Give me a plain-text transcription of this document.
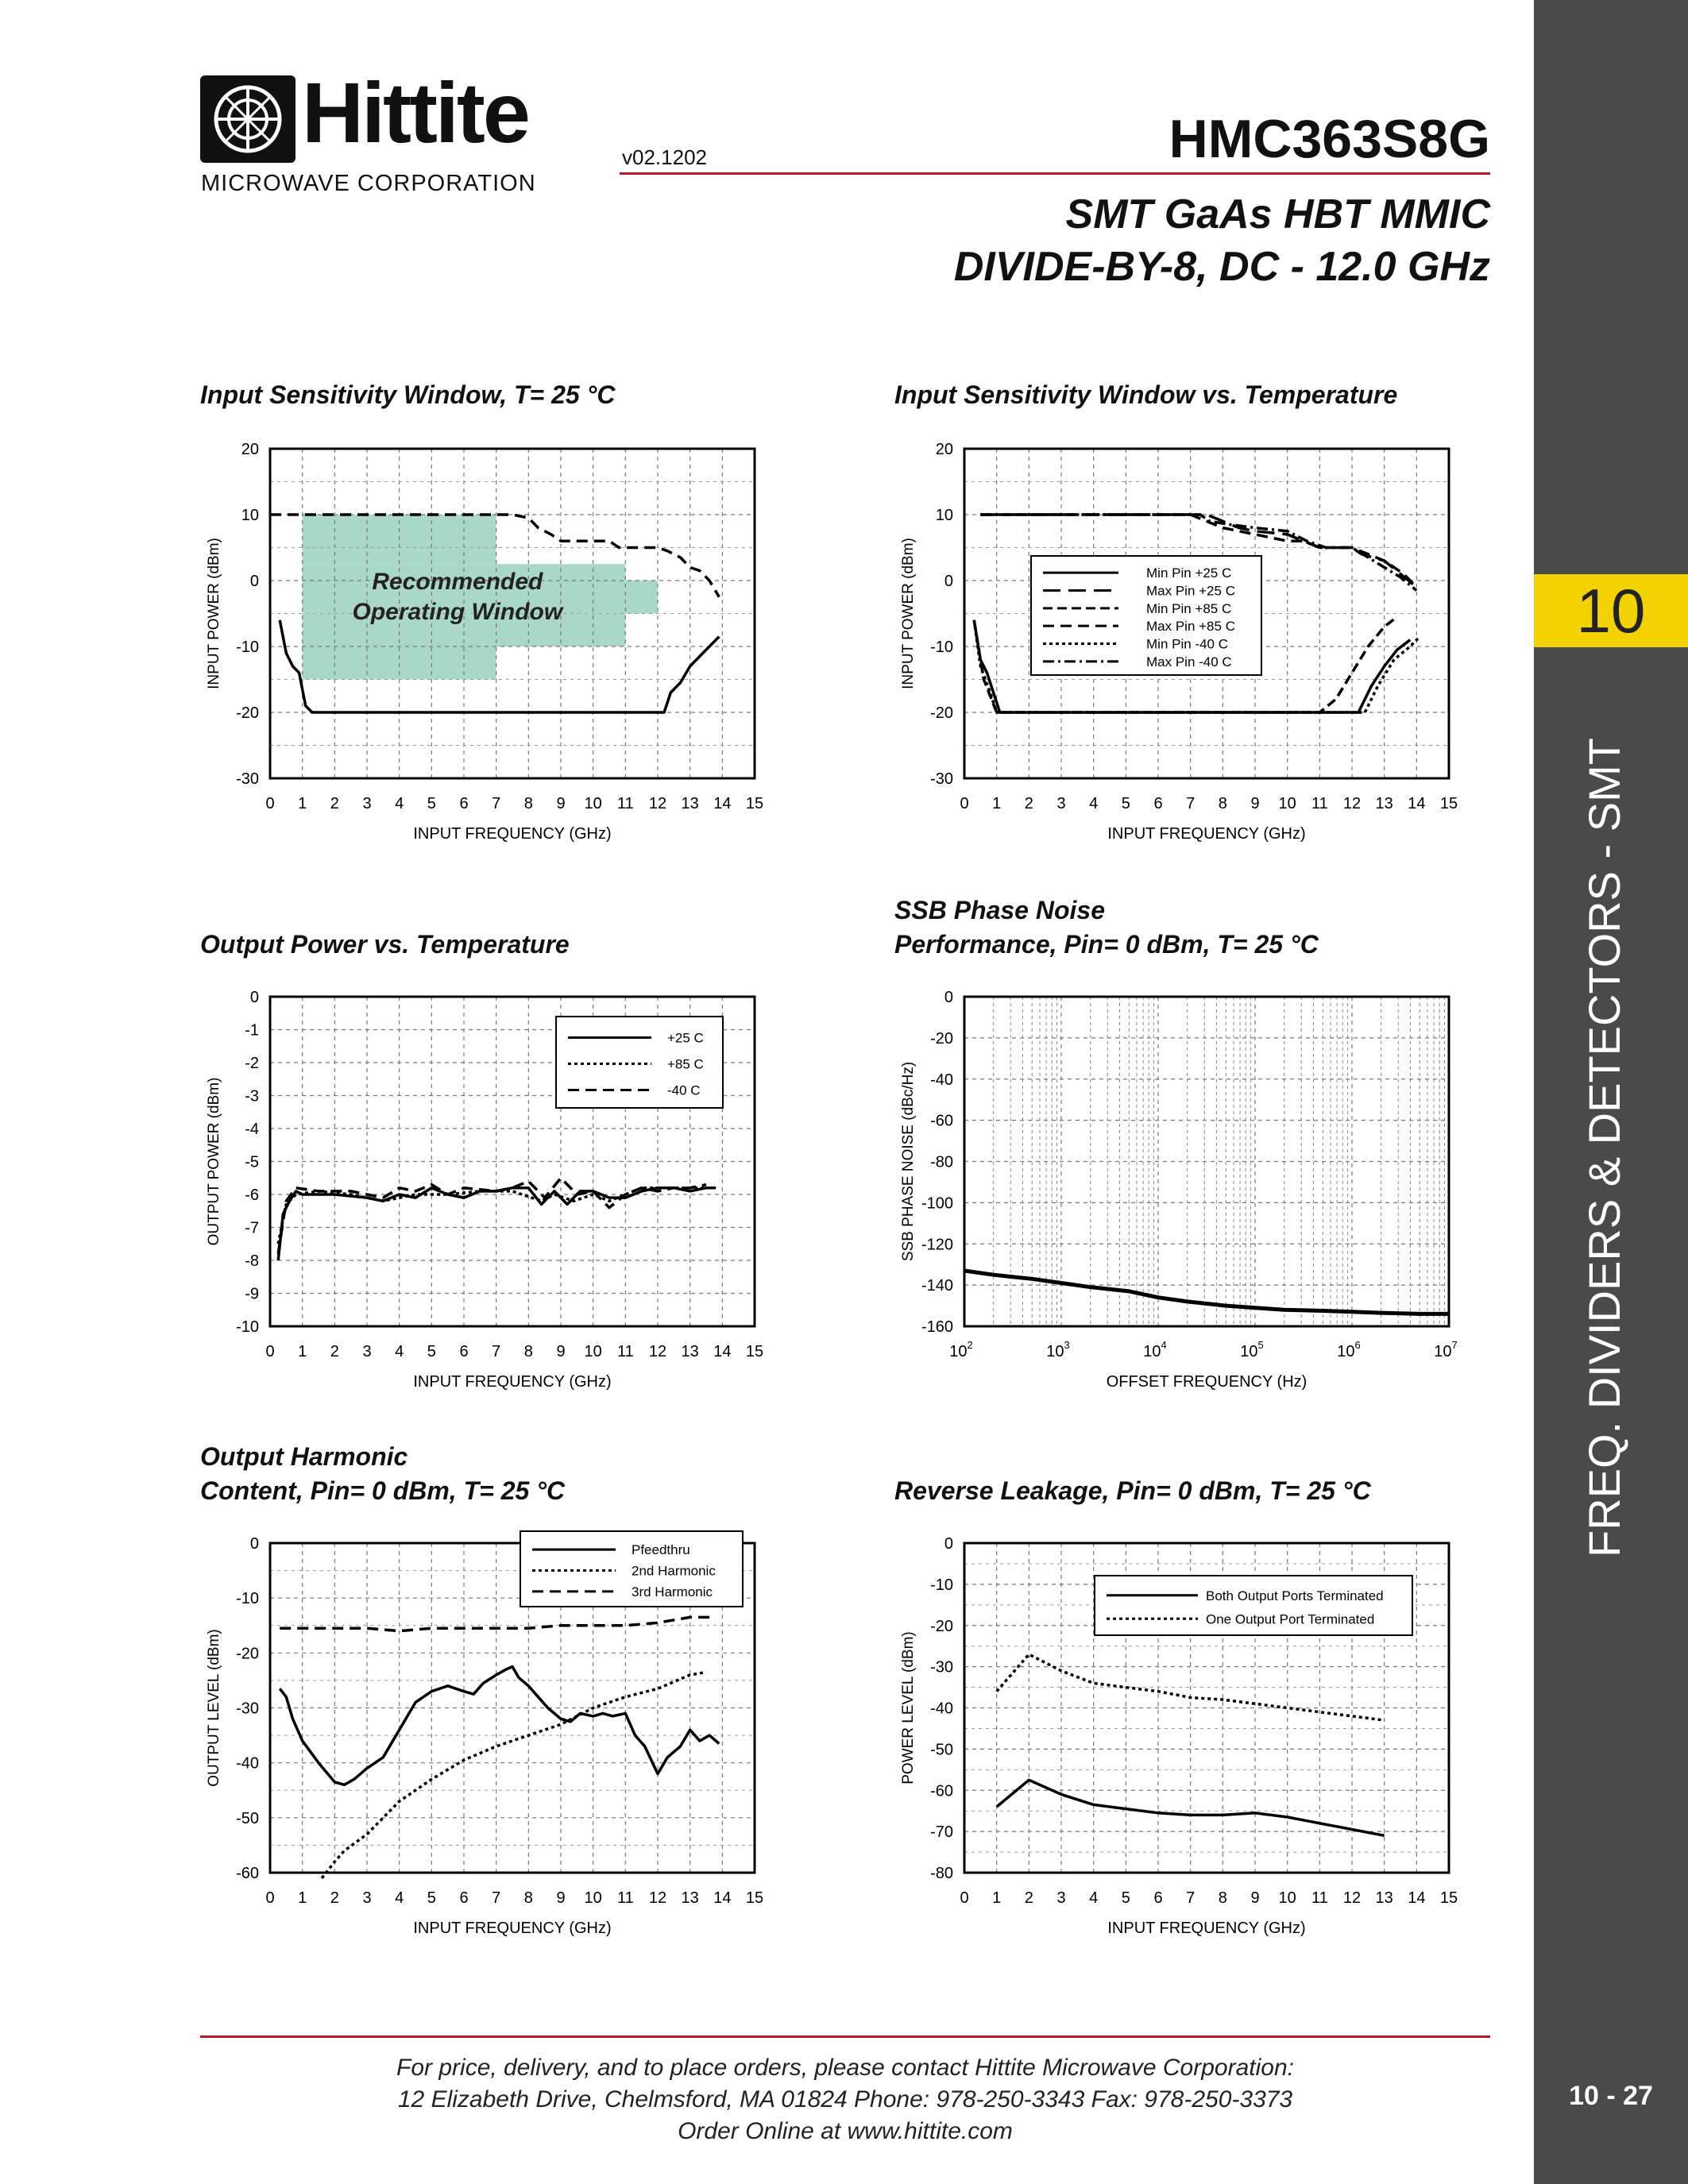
10
FREQ. DIVIDERS & DETECTORS - SMT
10 - 27
Hittite
MICROWAVE CORPORATION
v02.1202	HMC363S8G
SMT GaAs HBT MMIC
DIVIDE-BY-8, DC - 12.0 GHz
Input Sensitivity Window, T= 25 °C	Input Sensitivity Window vs. Temperature
Output Power vs. Temperature
SSB Phase Noise
Performance, Pin= 0 dBm, T= 25 °C
Output Harmonic
Content, Pin= 0 dBm, T= 25 °C	Reverse Leakage, Pin= 0 dBm, T= 25 °C
0 1 2 3 4 5 6 7 8 9 10 11 12 13 14 15
-30
-20
-10
0
10
20
INPUT FREQUENCY (GHz)
INPUT POWER (dBm)	Recommended
Operating Window
0 1 2 3 4 5 6 7 8 9 10 11 12 13 14 15
-30
-20
-10
0
10
20
INPUT FREQUENCY (GHz)
INPUT POWER (dBm)	Min Pin +25 C
Max Pin +25 C
Min Pin +85 C
Max Pin +85 C
Min Pin -40 C
Max Pin -40 C
0 1 2 3 4 5 6 7 8 9 10 11 12 13 14 15
-10
-9
-8
-7
-6
-5
-4
-3
-2
-1
0
INPUT FREQUENCY (GHz)
OUTPUT POWER (dBm)
+25 C
+85 C
-40 C
$10^2$	$10^3$	$10^4$	$10^5$	$10^6$	$10^7$
-160
-140
-120
-100
-80
-60
-40
-20
0
OFFSET FREQUENCY (Hz)
SSB PHASE NOISE (dBc/Hz)
0 1 2 3 4 5 6 7 8 9 10 11 12 13 14 15
-60
-50
-40
-30
-20
-10
0
INPUT FREQUENCY (GHz)
OUTPUT LEVEL (dBm)
Pfeedthru
2nd Harmonic
3rd Harmonic
0 1 2 3 4 5 6 7 8 9 10 11 12 13 14 15
-80
-70
-60
-50
-40
-30
-20
-10
0
INPUT FREQUENCY (GHz)
POWER LEVEL (dBm)
Both Output Ports Terminated
One Output Port Terminated
For price, delivery, and to place orders, please contact Hittite Microwave Corporation:
12 Elizabeth Drive, Chelmsford, MA 01824 Phone: 978-250-3343 Fax: 978-250-3373
Order Online at www.hittite.com
